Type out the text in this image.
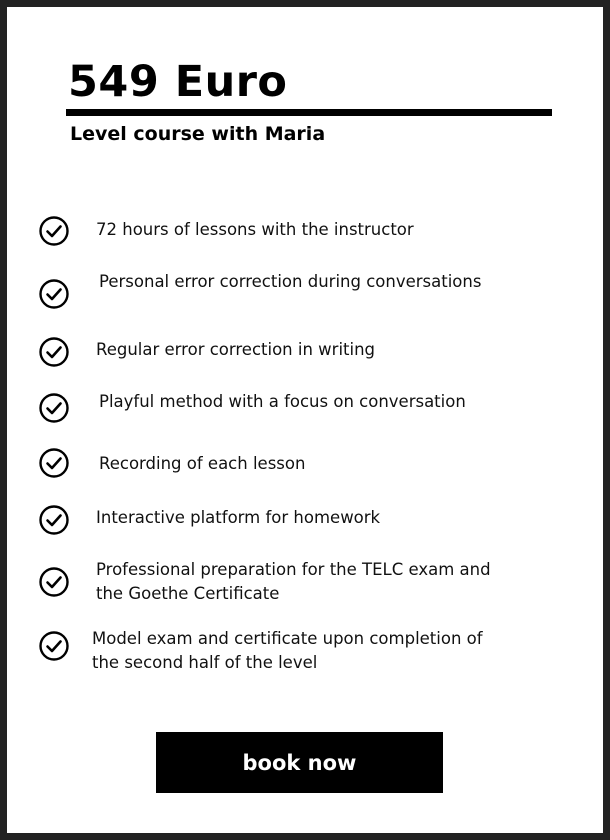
549 Euro
Level course with Maria
72 hours of lessons with the instructor
Personal error correction during conversations
Regular error correction in writing
Playful method with a focus on conversation
Recording of each lesson
Interactive platform for homework
Professional preparation for the TELC exam and
the Goethe Certificate
Model exam and certificate upon completion of
the second half of the level
book now
